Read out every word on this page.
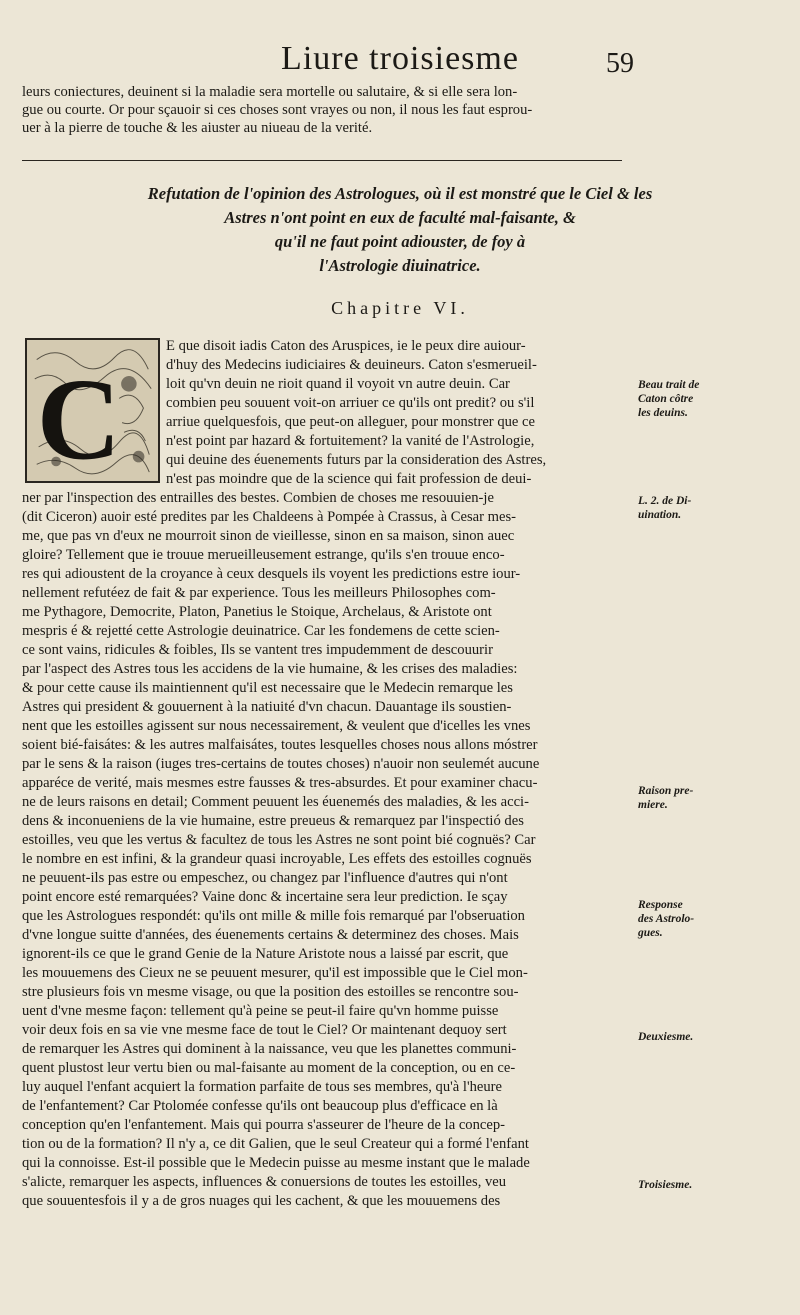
Liure troisiesme	59
leurs coniectures, deuinent si la maladie sera mortelle ou salutaire, & si elle sera lon-
gue ou courte. Or pour sçauoir si ces choses sont vrayes ou non, il nous les faut esprou-
uer à la pierre de touche & les aiuster au niueau de la verité.
Refutation de l'opinion des Astrologues, où il est monstré que le Ciel & les
Astres n'ont point en eux de faculté mal-faisante, &
qu'il ne faut point adiouster, de foy à
l'Astrologie diuinatrice.
Chapitre VI.
C
E que disoit iadis Caton des Aruspices, ie le peux dire auiour-
d'huy des Medecins iudiciaires & deuineurs. Caton s'esmerueil-
loit qu'vn deuin ne rioit quand il voyoit vn autre deuin. Car
combien peu souuent voit-on arriuer ce qu'ils ont predit? ou s'il
arriue quelquesfois, que peut-on alleguer, pour monstrer que ce
n'est point par hazard & fortuitement? la vanité de l'Astrologie,
qui deuine des éuenements futurs par la consideration des Astres,
n'est pas moindre que de la science qui fait profession de deui-
ner par l'inspection des entrailles des bestes. Combien de choses me resouuien-je
(dit Ciceron) auoir esté predites par les Chaldeens à Pompée à Crassus, à Cesar mes-
me, que pas vn d'eux ne mourroit sinon de vieillesse, sinon en sa maison, sinon auec
gloire? Tellement que ie trouue merueilleusement estrange, qu'ils s'en trouue enco-
res qui adioustent de la croyance à ceux desquels ils voyent les predictions estre iour-
nellement refutéez de fait & par experience. Tous les meilleurs Philosophes com-
me Pythagore, Democrite, Platon, Panetius le Stoique, Archelaus, & Aristote ont
mespris é & rejetté cette Astrologie deuinatrice. Car les fondemens de cette scien-
ce sont vains, ridicules & foibles, Ils se vantent tres impudemment de descouurir
par l'aspect des Astres tous les accidens de la vie humaine, & les crises des maladies:
& pour cette cause ils maintiennent qu'il est necessaire que le Medecin remarque les
Astres qui president & gouuernent à la natiuité d'vn chacun. Dauantage ils soustien-
nent que les estoilles agissent sur nous necessairement, & veulent que d'icelles les vnes
soient bié-faisátes: & les autres malfaisátes, toutes lesquelles choses nous allons móstrer
par le sens & la raison (iuges tres-certains de toutes choses) n'auoir non seulemét aucune
apparéce de verité, mais mesmes estre fausses & tres-absurdes. Et pour examiner chacu-
ne de leurs raisons en detail; Comment peuuent les éuenemés des maladies, & les acci-
dens & inconueniens de la vie humaine, estre preueus & remarquez par l'inspectió des
estoilles, veu que les vertus & facultez de tous les Astres ne sont point bié cognuës? Car
le nombre en est infini, & la grandeur quasi incroyable, Les effets des estoilles cognuës
ne peuuent-ils pas estre ou empeschez, ou changez par l'influence d'autres qui n'ont
point encore esté remarquées? Vaine donc & incertaine sera leur prediction. Ie sçay
que les Astrologues respondét: qu'ils ont mille & mille fois remarqué par l'obseruation
d'vne longue suitte d'années, des éuenements certains & determinez des choses. Mais
ignorent-ils ce que le grand Genie de la Nature Aristote nous a laissé par escrit, que
les mouuemens des Cieux ne se peuuent mesurer, qu'il est impossible que le Ciel mon-
stre plusieurs fois vn mesme visage, ou que la position des estoilles se rencontre sou-
uent d'vne mesme façon: tellement qu'à peine se peut-il faire qu'vn homme puisse
voir deux fois en sa vie vne mesme face de tout le Ciel? Or maintenant dequoy sert
de remarquer les Astres qui dominent à la naissance, veu que les planettes communi-
quent plustost leur vertu bien ou mal-faisante au moment de la conception, ou en ce-
luy auquel l'enfant acquiert la formation parfaite de tous ses membres, qu'à l'heure
de l'enfantement? Car Ptolomée confesse qu'ils ont beaucoup plus d'efficace en là
conception qu'en l'enfantement. Mais qui pourra s'asseurer de l'heure de la concep-
tion ou de la formation? Il n'y a, ce dit Galien, que le seul Createur qui a formé l'enfant
qui la connoisse. Est-il possible que le Medecin puisse au mesme instant que le malade
s'alicte, remarquer les aspects, influences & conuersions de toutes les estoilles, veu
que souuentesfois il y a de gros nuages qui les cachent, & que les mouuemens des
Beau trait de
Caton côtre
les deuins.
L. 2. de Di-
uination.
Raison pre-
miere.
Response
des Astrolo-
gues.
Deuxiesme.
Troisiesme.
